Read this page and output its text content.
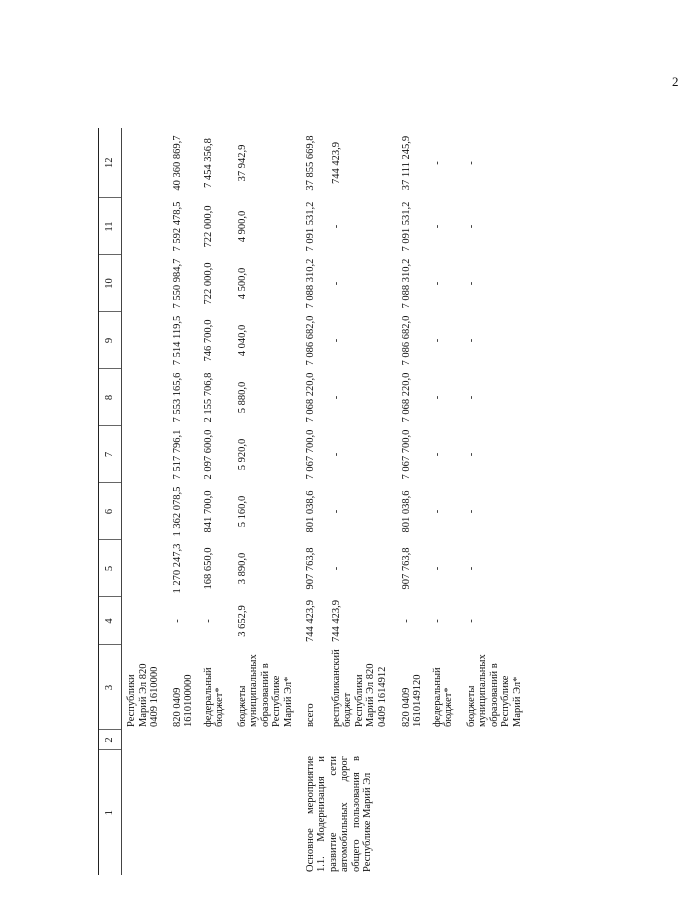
2
1	2	3	4	5	6	7	8	9	10	11	12
		Республики Марий Эл 820 0409 1610000									
		820 0409 1610100000	-	1 270 247,3	1 362 078,5	7 517 796,1	7 553 165,6	7 514 119,5	7 550 984,7	7 592 478,5	40 360 869,7
		федеральный бюджет*	-	168 650,0	841 700,0	2 097 600,0	2 155 706,8	746 700,0	722 000,0	722 000,0	7 454 356,8
		бюджеты муниципальных образований в Республике Марий Эл*	3 652,9	3 890,0	5 160,0	5 920,0	5 880,0	4 040,0	4 500,0	4 900,0	37 942,9
Основное мероприятие 1.1. Модернизация и развитие сети автомобильных дорог общего пользования в Республике Марий Эл		всего	744 423,9	907 763,8	801 038,6	7 067 700,0	7 068 220,0	7 086 682,0	7 088 310,2	7 091 531,2	37 855 669,8
		республиканский бюджет Республики Марий Эл 820 0409 1614912	744 423,9	-	-	-	-	-	-	-	744 423,9
		820 0409 1610149120	-	907 763,8	801 038,6	7 067 700,0	7 068 220,0	7 086 682,0	7 088 310,2	7 091 531,2	37 111 245,9
		федеральный бюджет*	-	-	-	-	-	-	-	-	-
		бюджеты муниципальных образований в Республике Марий Эл*	-	-	-	-	-	-	-	-	-
